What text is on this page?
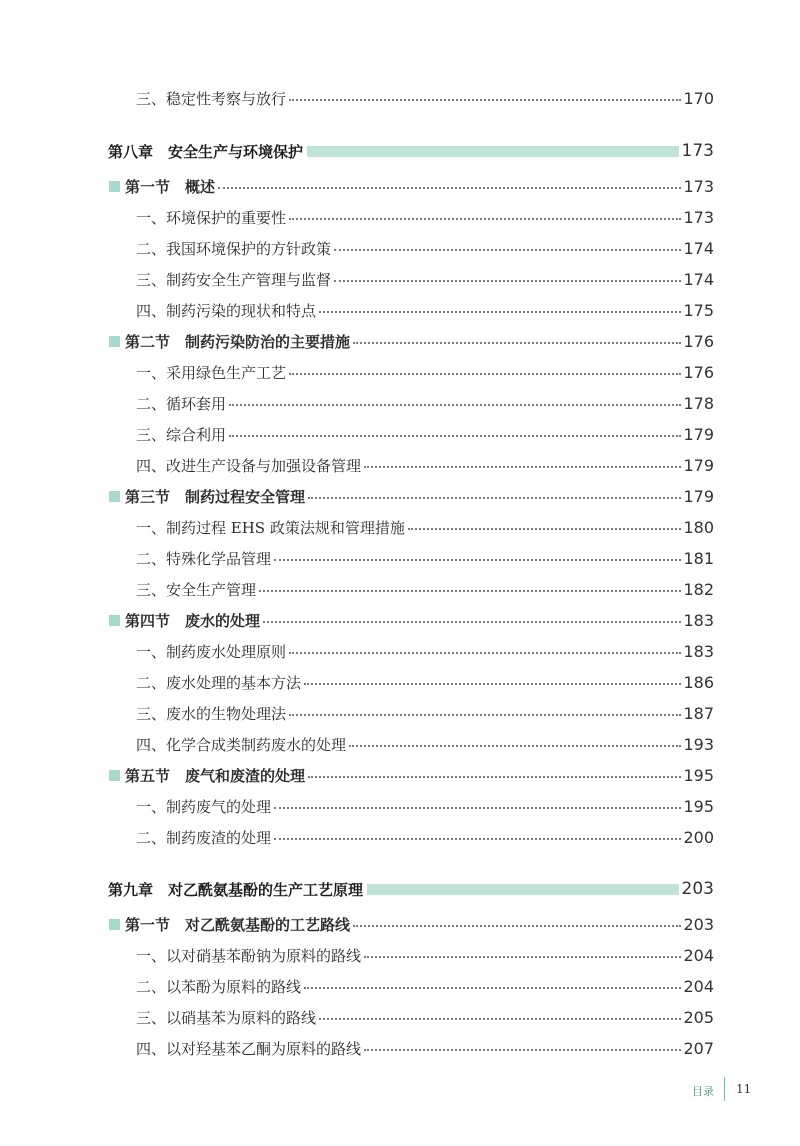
三、稳定性考察与放行	170
第八章　安全生产与环境保护	173
第一节　概述	173
一、环境保护的重要性	173
二、我国环境保护的方针政策	174
三、制药安全生产管理与监督	174
四、制药污染的现状和特点	175
第二节　制药污染防治的主要措施	176
一、采用绿色生产工艺	176
二、循环套用	178
三、综合利用	179
四、改进生产设备与加强设备管理	179
第三节　制药过程安全管理	179
一、制药过程 EHS 政策法规和管理措施	180
二、特殊化学品管理	181
三、安全生产管理	182
第四节　废水的处理	183
一、制药废水处理原则	183
二、废水处理的基本方法	186
三、废水的生物处理法	187
四、化学合成类制药废水的处理	193
第五节　废气和废渣的处理	195
一、制药废气的处理	195
二、制药废渣的处理	200
第九章　对乙酰氨基酚的生产工艺原理	203
第一节　对乙酰氨基酚的工艺路线	203
一、以对硝基苯酚钠为原料的路线	204
二、以苯酚为原料的路线	204
三、以硝基苯为原料的路线	205
四、以对羟基苯乙酮为原料的路线	207
目录 11
